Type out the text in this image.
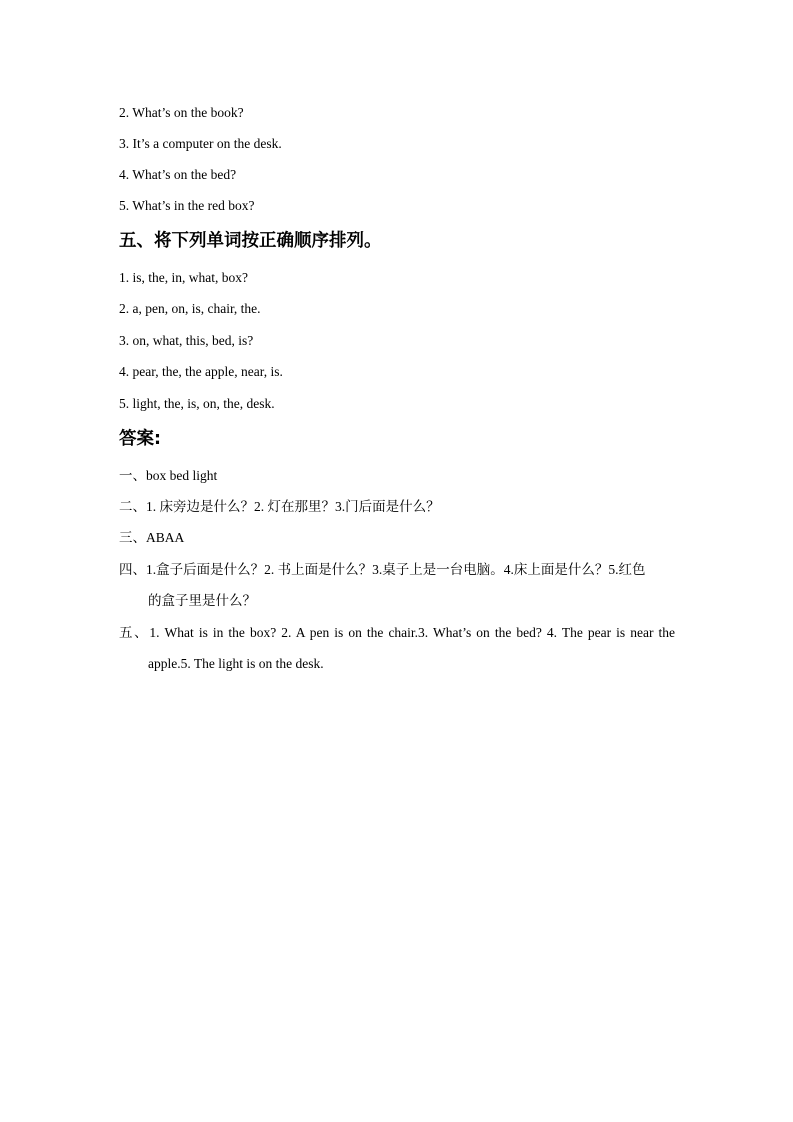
2. What’s on the book?
3. It’s a computer on the desk.
4. What’s on the bed?
5. What’s in the red box?
五、将下列单词按正确顺序排列。
1. is, the, in, what, box?
2. a, pen, on, is, chair, the.
3. on, what, this, bed, is?
4. pear, the, the apple, near, is.
5. light, the, is, on, the, desk.
答案:
一、box bed light
二、1. 床旁边是什么？2. 灯在那里？3.门后面是什么？
三、ABAA
四、1.盒子后面是什么？2. 书上面是什么？3.桌子上是一台电脑。4.床上面是什么？5.红色
的盒子里是什么？
五、1. What is in the box? 2. A pen is on the chair.3. What’s on the bed? 4. The pear is near the
apple.5. The light is on the desk.
